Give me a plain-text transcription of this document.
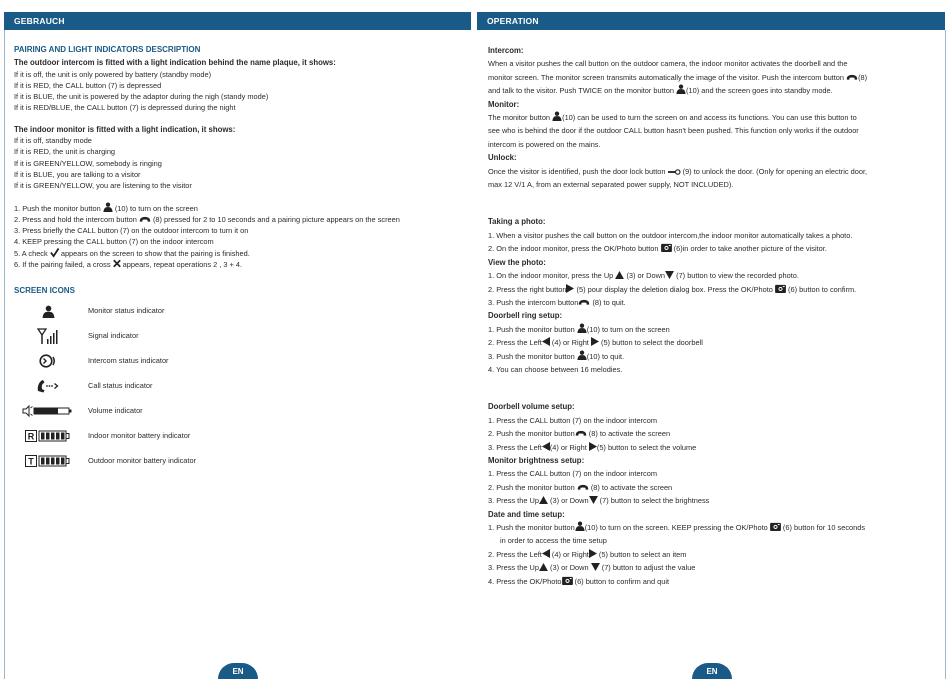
GEBRAUCH
PAIRING AND LIGHT INDICATORS DESCRIPTION
The outdoor intercom is fitted with a light indication behind the name plaque, it shows:
If it is off, the unit is only powered by battery (standby mode)
If it is RED, the CALL button (7) is depressed
If it is BLUE, the unit is powered by the adaptor during the nigh (standy mode)
If it is RED/BLUE, the CALL button (7) is depressed during the night
The indoor monitor is fitted with a light indication, it shows:
If it is off, standby mode
If it is RED, the unit is charging
If it is GREEN/YELLOW, somebody is ringing
If it is BLUE, you are talking to a visitor
If it is GREEN/YELLOW, you are listening to the visitor
1. Push the monitor button (10) to turn on the screen
2. Press and hold the intercom button (8) pressed for 2 to 10 seconds and a pairing picture appears on the screen
3. Press briefly the CALL button (7) on the outdoor intercom to turn it on
4. KEEP pressing the CALL button (7) on the indoor intercom
5. A check appears on the screen to show that the pairing is finished.
6. If the pairing failed, a cross appears, repeat operations 2 , 3 + 4.
SCREEN ICONS
Monitor status indicator
Signal indicator
Intercom status indicator
Call status indicator
Volume indicator
R	Indoor monitor battery indicator
T	Outdoor monitor battery indicator
EN
OPERATION
Intercom:
When a visitor pushes the call button on the outdoor camera, the indoor monitor activates the doorbell and the
monitor screen. The monitor screen transmits automatically the image of the visitor. Push the intercom button (8)
and talk to the visitor. Push TWICE on the monitor button (10) and the screen goes into standby mode.
Monitor:
The monitor button (10) can be used to turn the screen on and access its functions. You can use this button to
see who is behind the door if the outdoor CALL button hasn't been pushed. This function only works if the outdoor
intercom is powered on the mains.
Unlock:
Once the visitor is identified, push the door lock button (9) to unlock the door. (Only for opening an electric door,
max 12 V/1 A, from an external separated power supply, NOT INCLUDED).
Taking a photo:
1. When a visitor pushes the call button on the outdoor intercom,the indoor monitor automatically takes a photo.
2. On the indoor monitor, press the OK/Photo button (6)in order to take another picture of the visitor.
View the photo:
1. On the indoor monitor, press the Up (3) or Down (7) button to view the recorded photo.
2. Press the right button (5) pour display the deletion dialog box. Press the OK/Photo (6) button to confirm.
3. Push the intercom button (8) to quit.
Doorbell ring setup:
1. Push the monitor button (10) to turn on the screen
2. Press the Left (4) or Right (5) button to select the doorbell
3. Push the monitor button (10) to quit.
4. You can choose between 16 melodies.
Doorbell volume setup:
1. Press the CALL button (7) on the indoor intercom
2. Push the monitor button (8) to activate the screen
3. Press the Left (4) or Right (5) button to select the volume
Monitor brightness setup:
1. Press the CALL button (7) on the indoor intercom
2. Push the monitor button (8) to activate the screen
3. Press the Up (3) or Down (7) button to select the brightness
Date and time setup:
1. Push the monitor button (10) to turn on the screen. KEEP pressing the OK/Photo (6) button for 10 seconds
in order to access the time setup
2. Press the Left (4) or Right (5) button to select an item
3. Press the Up (3) or Down (7) button to adjust the value
4. Press the OK/Photo (6) button to confirm and quit
EN
